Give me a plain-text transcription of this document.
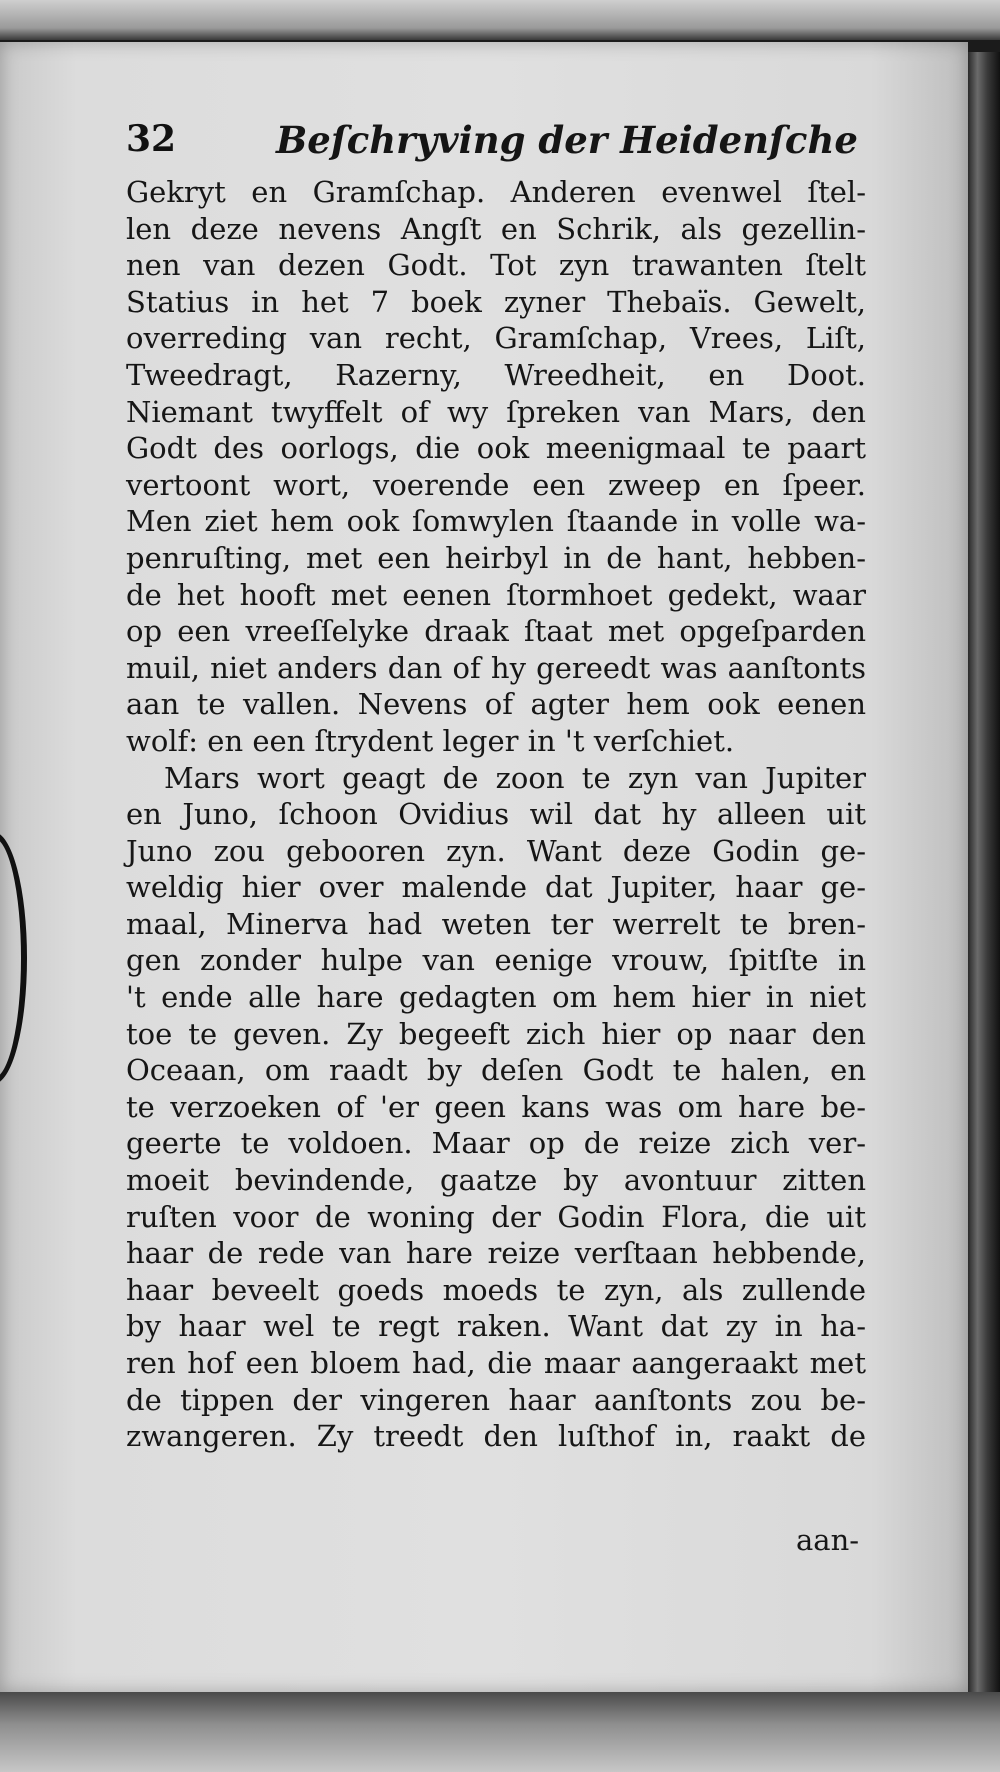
32	Beſchryving der Heidenſche
Gekryt en Gramſchap. Anderen evenwel ſtel-
len deze nevens Angſt en Schrik, als gezellin-
nen van dezen Godt. Tot zyn trawanten ſtelt
Statius in het 7 boek zyner Thebaïs. Gewelt,
overreding van recht, Gramſchap, Vrees, Liſt,
Tweedragt, Razerny, Wreedheit, en Doot.
Niemant twyffelt of wy ſpreken van Mars, den
Godt des oorlogs, die ook meenigmaal te paart
vertoont wort, voerende een zweep en ſpeer.
Men ziet hem ook ſomwylen ſtaande in volle wa-
penruſting, met een heirbyl in de hant, hebben-
de het hooft met eenen ſtormhoet gedekt, waar
op een vreeſſelyke draak ſtaat met opgeſparden
muil, niet anders dan of hy gereedt was aanſtonts
aan te vallen. Nevens of agter hem ook eenen
wolf: en een ſtrydent leger in 't verſchiet.
Mars wort geagt de zoon te zyn van Jupiter
en Juno, ſchoon Ovidius wil dat hy alleen uit
Juno zou gebooren zyn. Want deze Godin ge-
weldig hier over malende dat Jupiter, haar ge-
maal, Minerva had weten ter werrelt te bren-
gen zonder hulpe van eenige vrouw, ſpitſte in
't ende alle hare gedagten om hem hier in niet
toe te geven. Zy begeeft zich hier op naar den
Oceaan, om raadt by deſen Godt te halen, en
te verzoeken of 'er geen kans was om hare be-
geerte te voldoen. Maar op de reize zich ver-
moeit bevindende, gaatze by avontuur zitten
ruſten voor de woning der Godin Flora, die uit
haar de rede van hare reize verſtaan hebbende,
haar beveelt goeds moeds te zyn, als zullende
by haar wel te regt raken. Want dat zy in ha-
ren hof een bloem had, die maar aangeraakt met
de tippen der vingeren haar aanſtonts zou be-
zwangeren. Zy treedt den luſthof in, raakt de
aan-
